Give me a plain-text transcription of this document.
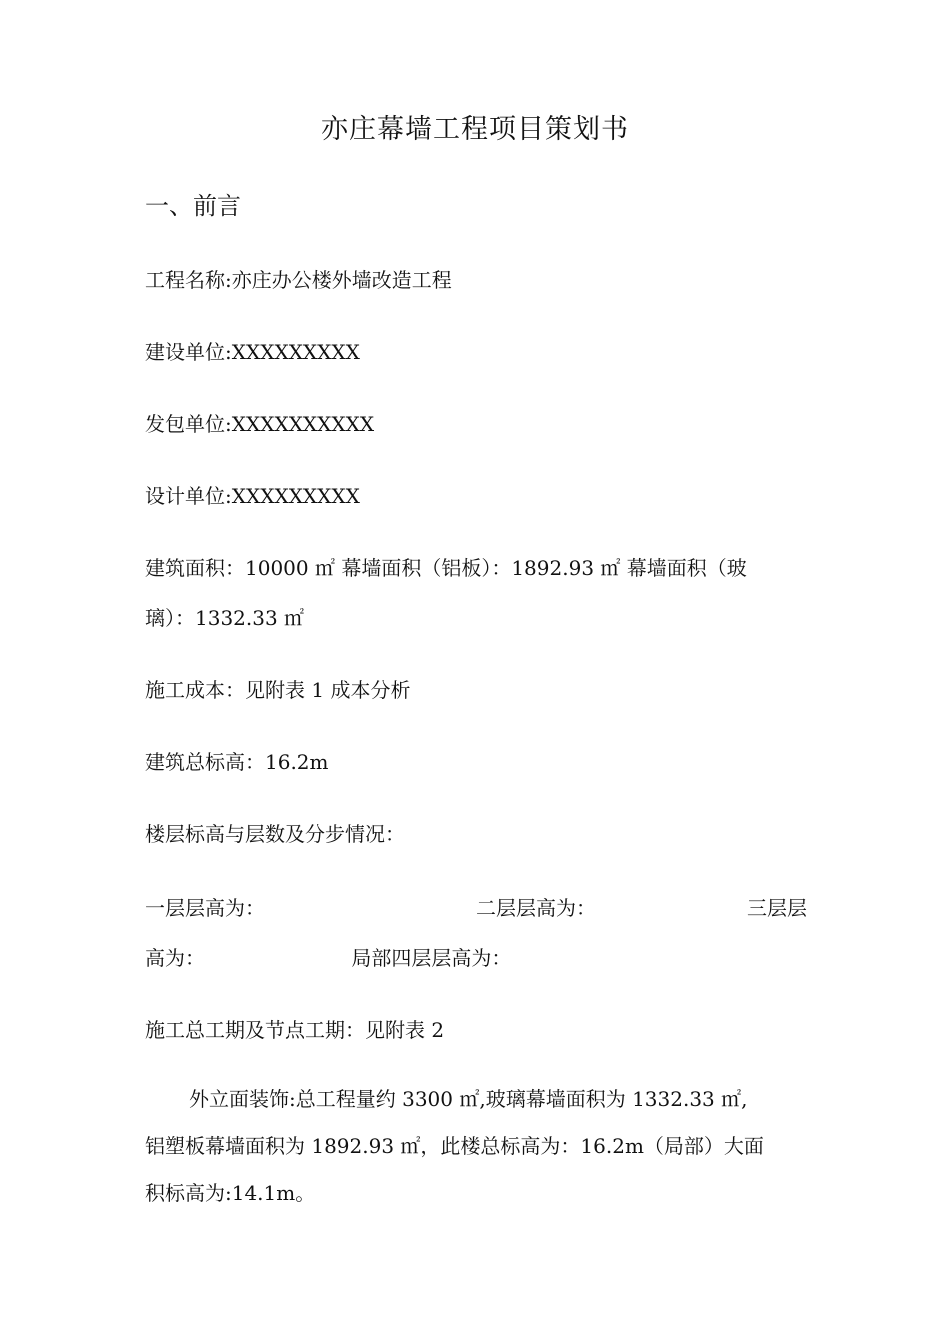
亦庄幕墙工程项目策划书
一、前言
工程名称:亦庄办公楼外墙改造工程
建设单位:XXXXXXXXX
发包单位:XXXXXXXXXX
设计单位:XXXXXXXXX
建筑面积：10000 ㎡ 幕墙面积（铝板）：1892.93 ㎡ 幕墙面积（玻
璃）：1332.33 ㎡
施工成本：见附表 1 成本分析
建筑总标高：16.2m
楼层标高与层数及分步情况：
一层层高为：	二层层高为：	三层层
高为：	局部四层层高为：
施工总工期及节点工期：见附表 2
外立面装饰:总工程量约 3300 ㎡,玻璃幕墙面积为 1332.33 ㎡,
铝塑板幕墙面积为 1892.93 ㎡，此楼总标高为：16.2m（局部）大面
积标高为:14.1m。
